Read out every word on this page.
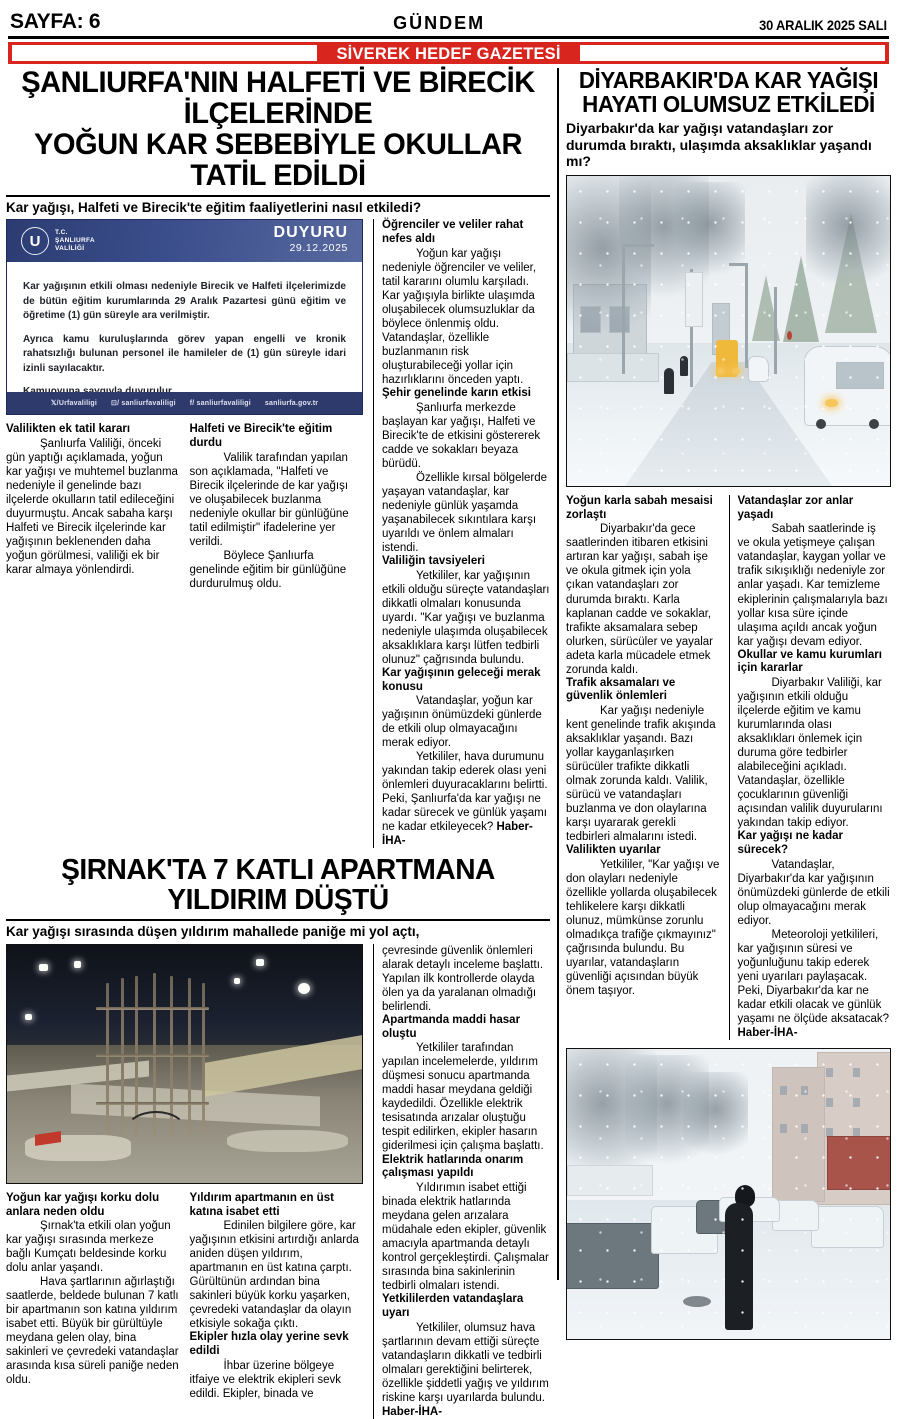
SAYFA: 6	GÜNDEM	30 ARALIK 2025 SALI
SİVEREK HEDEF GAZETESİ
ŞANLIURFA'NIN HALFETİ VE BİRECİK İLÇELERİNDE
YOĞUN KAR SEBEBİYLE OKULLAR TATİL EDİLDİ
Kar yağışı, Halfeti ve Birecik'te eğitim faaliyetlerini nasıl etkiledi?
U
T.C.
ŞANLIURFA
VALİLİĞİ
DUYURU
29.12.2025

Kar yağışının etkili olması nedeniyle Birecik ve Halfeti ilçelerimizde de bütün eğitim kurumlarında 29 Aralık Pazartesi günü eğitim ve öğretime (1) gün süreyle ara verilmiştir.

Ayrıca kamu kuruluşlarında görev yapan engelli ve kronik rahatsızlığı bulunan personel ile hamileler de (1) gün süreyle idari izinli sayılacaktır.

𝕏/Urfavaliligi ⊡/ sanliurfavaliligi f/ sanliurfavaliligi sanliurfa.gov.tr
Valilikten ek tatil kararı

Şanlıurfa Valiliği, önceki gün yaptığı açıklamada, yoğun kar yağışı ve muhtemel buzlanma nedeniyle il genelinde bazı ilçelerde okulların tatil edileceğini duyurmuştu. Ancak sabaha karşı Halfeti ve Birecik ilçelerinde kar yağışının beklenenden daha yoğun görülmesi, valiliği ek bir karar almaya yönlendirdi.

Halfeti ve Birecik'te eğitim durdu

Valilik tarafından yapılan son açıklamada, "Halfeti ve Birecik ilçelerinde de kar yağışı ve oluşabilecek buzlanma nedeniyle okullar bir günlüğüne tatil edilmiştir" ifadelerine yer verildi.

Böylece Şanlıurfa genelinde eğitim bir günlüğüne durdurulmuş oldu.

Öğrenciler ve veliler rahat nefes aldı

Yoğun kar yağışı nedeniyle öğrenciler ve veliler, tatil kararını olumlu karşıladı. Kar yağışıyla birlikte ulaşımda oluşabilecek olumsuzluklar da böylece önlenmiş oldu. Vatandaşlar, özellikle buzlanmanın risk oluşturabileceği yollar için hazırlıklarını önceden yaptı.

Şehir genelinde karın etkisi

Şanlıurfa merkezde başlayan kar yağışı, Halfeti ve Birecik'te de etkisini göstererek cadde ve sokakları beyaza bürüdü.

Özellikle kırsal bölgelerde yaşayan vatandaşlar, kar nedeniyle günlük yaşamda yaşanabilecek sıkıntılara karşı uyarıldı ve önlem almaları istendi.

Valiliğin tavsiyeleri

Yetkililer, kar yağışının etkili olduğu süreçte vatandaşları dikkatli olmaları konusunda uyardı. "Kar yağışı ve buzlanma nedeniyle ulaşımda oluşabilecek aksaklıklara karşı lütfen tedbirli olunuz" çağrısında bulundu.

Kar yağışının geleceği merak konusu

Vatandaşlar, yoğun kar yağışının önümüzdeki günlerde de etkili olup olmayacağını merak ediyor.

Yetkililer, hava durumunu yakından takip ederek olası yeni önlemleri duyuracaklarını belirtti. Peki, Şanlıurfa'da kar yağışı ne kadar sürecek ve günlük yaşamı ne kadar etkileyecek? Haber-İHA-

ŞIRNAK'TA 7 KATLI APARTMANA
YILDIRIM DÜŞTÜ
Kar yağışı sırasında düşen yıldırım mahallede paniğe mi yol açtı,
Yoğun kar yağışı korku dolu anlara neden oldu

Şırnak'ta etkili olan yoğun kar yağışı sırasında merkeze bağlı Kumçatı beldesinde korku dolu anlar yaşandı.

Hava şartlarının ağırlaştığı saatlerde, beldede bulunan 7 katlı bir apartmanın son katına yıldırım isabet etti. Büyük bir gürültüyle meydana gelen olay, bina sakinleri ve çevredeki vatandaşlar arasında kısa süreli paniğe neden oldu.

Yıldırım apartmanın en üst katına isabet etti

Edinilen bilgilere göre, kar yağışının etkisini artırdığı anlarda aniden düşen yıldırım, apartmanın en üst katına çarptı. Gürültünün ardından bina sakinleri büyük korku yaşarken, çevredeki vatandaşlar da olayın etkisiyle sokağa çıktı.

Ekipler hızla olay yerine sevk edildi

İhbar üzerine bölgeye itfaiye ve elektrik ekipleri sevk edildi. Ekipler, binada ve

çevresinde güvenlik önlemleri alarak detaylı inceleme başlattı. Yapılan ilk kontrollerde olayda ölen ya da yaralanan olmadığı belirlendi.

Apartmanda maddi hasar oluştu

Yetkililer tarafından yapılan incelemelerde, yıldırım düşmesi sonucu apartmanda maddi hasar meydana geldiği kaydedildi. Özellikle elektrik tesisatında arızalar oluştuğu tespit edilirken, ekipler hasarın giderilmesi için çalışma başlattı.

Elektrik hatlarında onarım çalışması yapıldı

Yıldırımın isabet ettiği binada elektrik hatlarında meydana gelen arızalara müdahale eden ekipler, güvenlik amacıyla apartmanda detaylı kontrol gerçekleştirdi. Çalışmalar sırasında bina sakinlerinin tedbirli olmaları istendi.

Yetkililerden vatandaşlara uyarı

Yetkililer, olumsuz hava şartlarının devam ettiği süreçte vatandaşların dikkatli ve tedbirli olmaları gerektiğini belirterek, özellikle şiddetli yağış ve yıldırım riskine karşı uyarılarda bulundu.

Haber-İHA-

DİYARBAKIR'DA KAR YAĞIŞI HAYATI OLUMSUZ ETKİLEDİ
Diyarbakır'da kar yağışı vatandaşları zor durumda bıraktı, ulaşımda aksaklıklar yaşandı mı?
Yoğun karla sabah mesaisi zorlaştı

Diyarbakır'da gece saatlerinden itibaren etkisini artıran kar yağışı, sabah işe ve okula gitmek için yola çıkan vatandaşları zor durumda bıraktı. Karla kaplanan cadde ve sokaklar, trafikte aksamalara sebep olurken, sürücüler ve yayalar adeta karla mücadele etmek zorunda kaldı.

Trafik aksamaları ve güvenlik önlemleri

Kar yağışı nedeniyle kent genelinde trafik akışında aksaklıklar yaşandı. Bazı yollar kayganlaşırken sürücüler trafikte dikkatli olmak zorunda kaldı. Valilik, sürücü ve vatandaşları buzlanma ve don olaylarına karşı uyararak gerekli tedbirleri almalarını istedi.

Valilikten uyarılar

Yetkililer, "Kar yağışı ve don olayları nedeniyle özellikle yollarda oluşabilecek tehlikelere karşı dikkatli olunuz, mümkünse zorunlu olmadıkça trafiğe çıkmayınız" çağrısında bulundu. Bu uyarılar, vatandaşların güvenliği açısından büyük önem taşıyor.

Vatandaşlar zor anlar yaşadı

Sabah saatlerinde iş ve okula yetişmeye çalışan vatandaşlar, kaygan yollar ve trafik sıkışıklığı nedeniyle zor anlar yaşadı. Kar temizleme ekiplerinin çalışmalarıyla bazı yollar kısa süre içinde ulaşıma açıldı ancak yoğun kar yağışı devam ediyor.

Okullar ve kamu kurumları için kararlar

Diyarbakır Valiliği, kar yağışının etkili olduğu ilçelerde eğitim ve kamu kurumlarında olası aksaklıkları önlemek için duruma göre tedbirler alabileceğini açıkladı. Vatandaşlar, özellikle çocuklarının güvenliği açısından valilik duyurularını yakından takip ediyor.

Kar yağışı ne kadar sürecek?

Vatandaşlar, Diyarbakır'da kar yağışının önümüzdeki günlerde de etkili olup olmayacağını merak ediyor.

Meteoroloji yetkilileri, kar yağışının süresi ve yoğunluğunu takip ederek yeni uyarıları paylaşacak. Peki, Diyarbakır'da kar ne kadar etkili olacak ve günlük yaşamı ne ölçüde aksatacak? Haber-İHA-
